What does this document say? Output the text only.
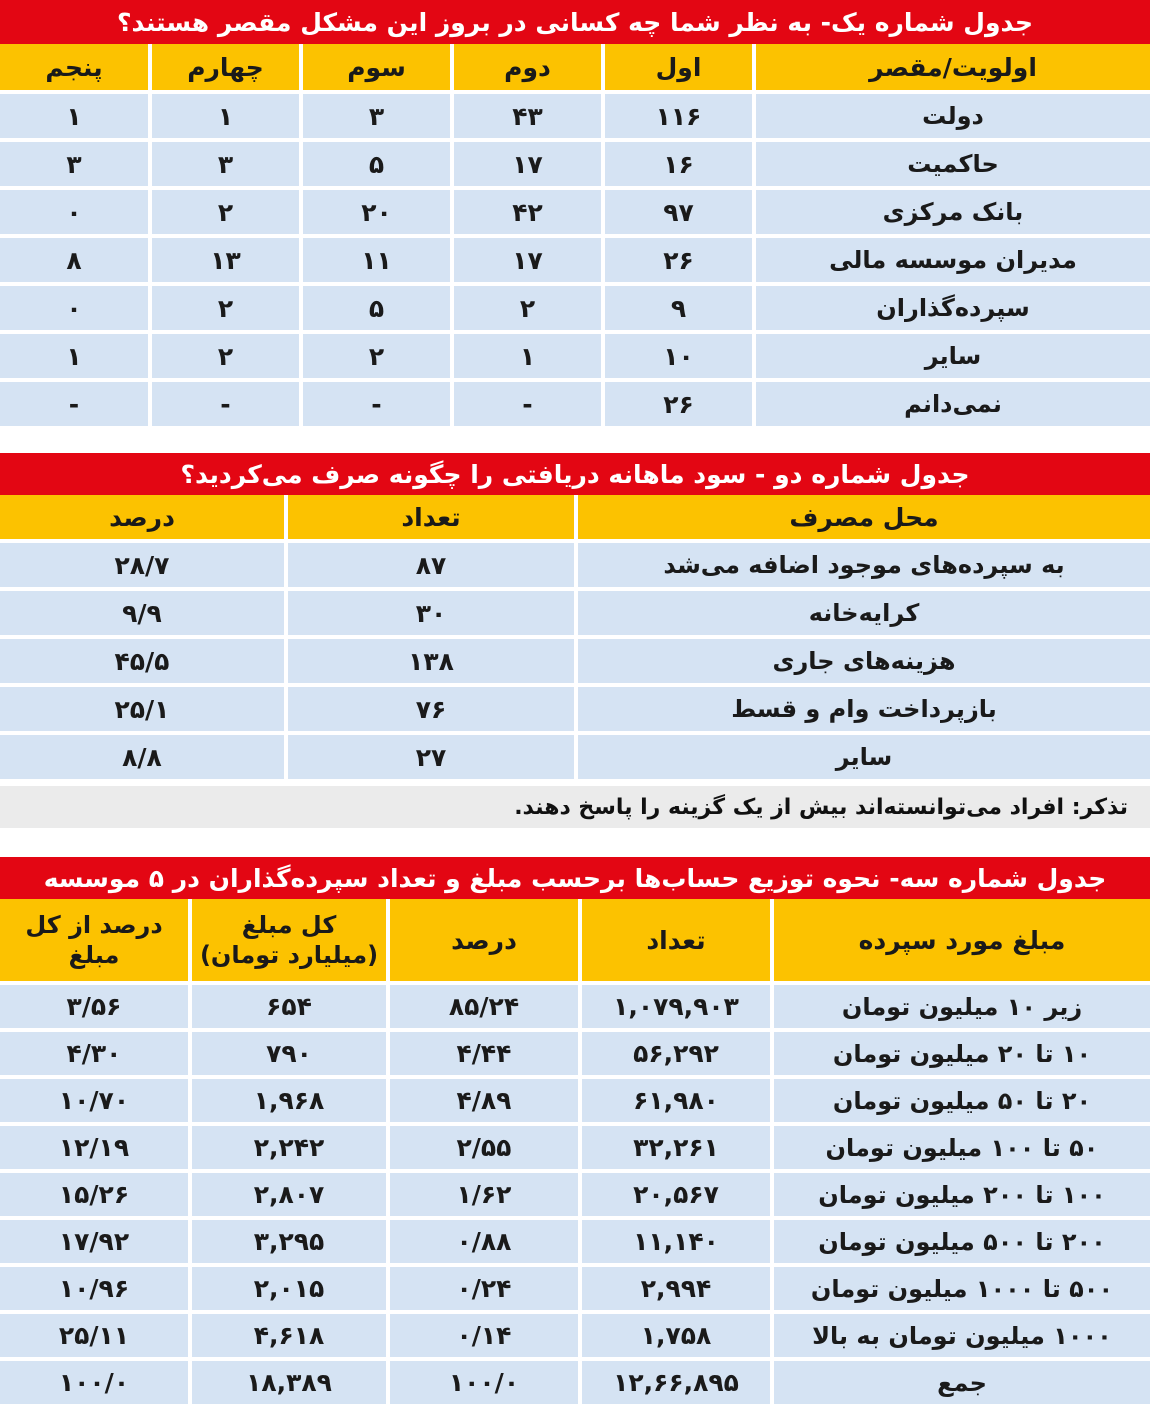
جدول شماره یک- به نظر شما چه کسانی در بروز این مشکل مقصر هستند؟
اولویت/مقصر	اول	دوم	سوم	چهارم	پنجم
دولت	۱۱۶	۴۳	۳	۱	۱
حاکمیت	۱۶	۱۷	۵	۳	۳
بانک مرکزی	۹۷	۴۲	۲۰	۲	۰
مدیران موسسه مالی	۲۶	۱۷	۱۱	۱۳	۸
سپرده‌گذاران	۹	۲	۵	۲	۰
سایر	۱۰	۱	۲	۲	۱
نمی‌دانم	۲۶	-	-	-	-
جدول شماره دو - سود ماهانه دریافتی را چگونه صرف می‌کردید؟
محل مصرف	تعداد	درصد
به سپرده‌های موجود اضافه می‌شد	۸۷	۲۸/۷
کرایه‌خانه	۳۰	۹/۹
هزینه‌های جاری	۱۳۸	۴۵/۵
بازپرداخت وام و قسط	۷۶	۲۵/۱
سایر	۲۷	۸/۸
تذکر: افراد می‌توانسته‌اند بیش از یک گزینه را پاسخ دهند.
جدول شماره سه- نحوه توزیع حساب‌ها برحسب مبلغ و تعداد سپرده‌گذاران در ۵ موسسه
مبلغ مورد سپرده	تعداد	درصد	کل مبلغ (میلیارد تومان)	درصد از کل مبلغ
زیر ۱۰ میلیون تومان	۱,۰۷۹,۹۰۳	۸۵/۲۴	۶۵۴	۳/۵۶
۱۰ تا ۲۰ میلیون تومان	۵۶,۲۹۲	۴/۴۴	۷۹۰	۴/۳۰
۲۰ تا ۵۰ میلیون تومان	۶۱,۹۸۰	۴/۸۹	۱,۹۶۸	۱۰/۷۰
۵۰ تا ۱۰۰ میلیون تومان	۳۲,۲۶۱	۲/۵۵	۲,۲۴۲	۱۲/۱۹
۱۰۰ تا ۲۰۰ میلیون تومان	۲۰,۵۶۷	۱/۶۲	۲,۸۰۷	۱۵/۲۶
۲۰۰ تا ۵۰۰ میلیون تومان	۱۱,۱۴۰	۰/۸۸	۳,۲۹۵	۱۷/۹۲
۵۰۰ تا ۱۰۰۰ میلیون تومان	۲,۹۹۴	۰/۲۴	۲,۰۱۵	۱۰/۹۶
۱۰۰۰ میلیون تومان به بالا	۱,۷۵۸	۰/۱۴	۴,۶۱۸	۲۵/۱۱
جمع	۱۲,۶۶,۸۹۵	۱۰۰/۰	۱۸,۳۸۹	۱۰۰/۰
